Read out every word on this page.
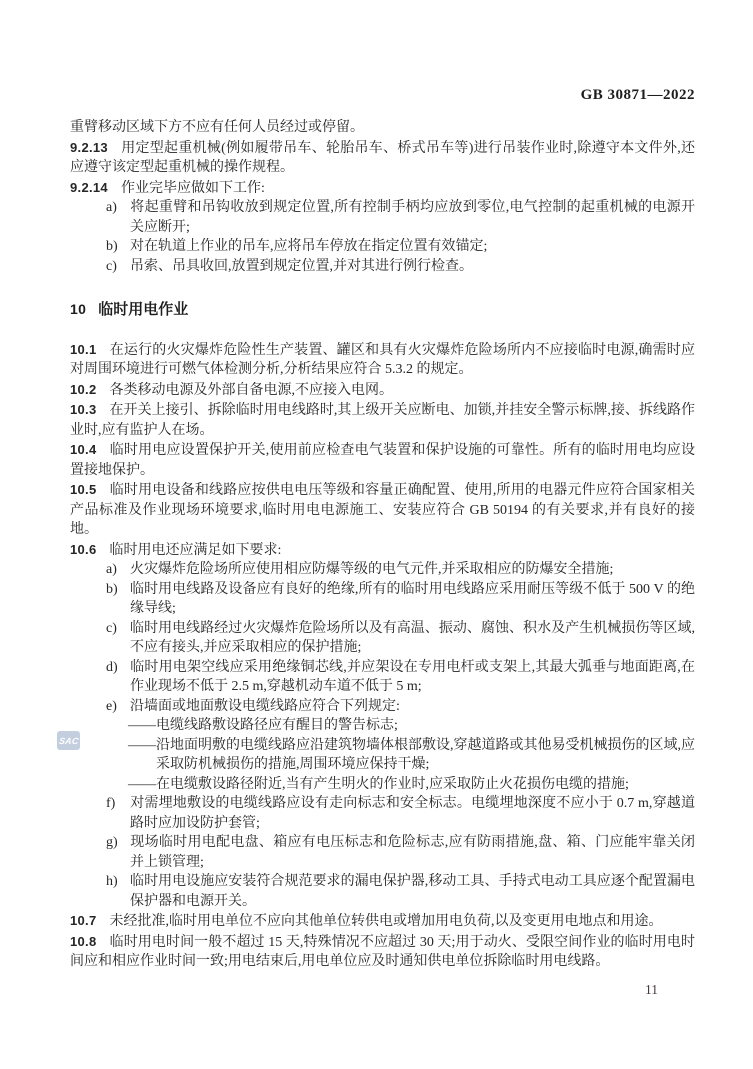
GB 30871—2022
SAC

重臂移动区域下方不应有任何人员经过或停留。

9.2.13 用定型起重机械(例如履带吊车、轮胎吊车、桥式吊车等)进行吊装作业时,除遵守本文件外,还应遵守该定型起重机械的操作规程。

9.2.14 作业完毕应做如下工作:

a) 将起重臂和吊钩收放到规定位置,所有控制手柄均应放到零位,电气控制的起重机械的电源开关应断开;

b) 对在轨道上作业的吊车,应将吊车停放在指定位置有效锚定;

c) 吊索、吊具收回,放置到规定位置,并对其进行例行检查。

10 临时用电作业

10.1 在运行的火灾爆炸危险性生产装置、罐区和具有火灾爆炸危险场所内不应接临时电源,确需时应对周围环境进行可燃气体检测分析,分析结果应符合 5.3.2 的规定。

10.2 各类移动电源及外部自备电源,不应接入电网。

10.3 在开关上接引、拆除临时用电线路时,其上级开关应断电、加锁,并挂安全警示标牌,接、拆线路作业时,应有监护人在场。

10.4 临时用电应设置保护开关,使用前应检查电气装置和保护设施的可靠性。所有的临时用电均应设置接地保护。

10.5 临时用电设备和线路应按供电电压等级和容量正确配置、使用,所用的电器元件应符合国家相关产品标准及作业现场环境要求,临时用电电源施工、安装应符合 GB 50194 的有关要求,并有良好的接地。

10.6 临时用电还应满足如下要求:

a) 火灾爆炸危险场所应使用相应防爆等级的电气元件,并采取相应的防爆安全措施;

b) 临时用电线路及设备应有良好的绝缘,所有的临时用电线路应采用耐压等级不低于 500 V 的绝缘导线;

c) 临时用电线路经过火灾爆炸危险场所以及有高温、振动、腐蚀、积水及产生机械损伤等区域,不应有接头,并应采取相应的保护措施;

d) 临时用电架空线应采用绝缘铜芯线,并应架设在专用电杆或支架上,其最大弧垂与地面距离,在作业现场不低于 2.5 m,穿越机动车道不低于 5 m;

e) 沿墙面或地面敷设电缆线路应符合下列规定:

——电缆线路敷设路径应有醒目的警告标志;

——沿地面明敷的电缆线路应沿建筑物墙体根部敷设,穿越道路或其他易受机械损伤的区域,应采取防机械损伤的措施,周围环境应保持干燥;

——在电缆敷设路径附近,当有产生明火的作业时,应采取防止火花损伤电缆的措施;

f) 对需埋地敷设的电缆线路应设有走向标志和安全标志。电缆埋地深度不应小于 0.7 m,穿越道路时应加设防护套管;

g) 现场临时用电配电盘、箱应有电压标志和危险标志,应有防雨措施,盘、箱、门应能牢靠关闭并上锁管理;

h) 临时用电设施应安装符合规范要求的漏电保护器,移动工具、手持式电动工具应逐个配置漏电保护器和电源开关。

10.7 未经批准,临时用电单位不应向其他单位转供电或增加用电负荷,以及变更用电地点和用途。

10.8 临时用电时间一般不超过 15 天,特殊情况不应超过 30 天;用于动火、受限空间作业的临时用电时间应和相应作业时间一致;用电结束后,用电单位应及时通知供电单位拆除临时用电线路。

11
